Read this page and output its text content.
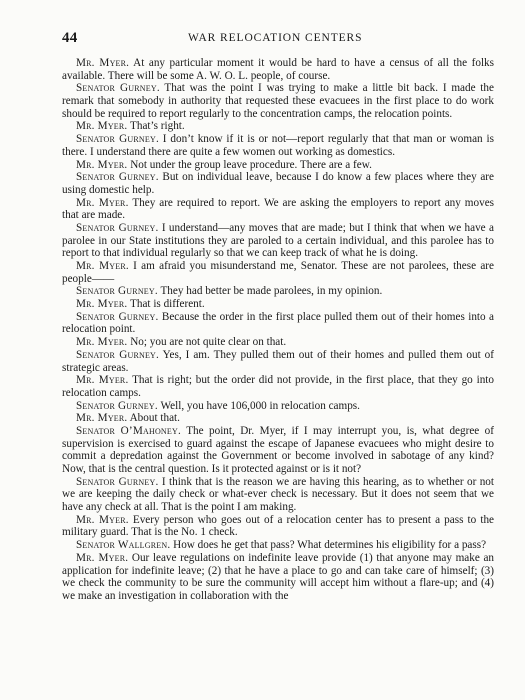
44	WAR RELOCATION CENTERS

Mr. Myer. At any particular moment it would be hard to have a census of all the folks available. There will be some A. W. O. L. people, of course.

Senator Gurney. That was the point I was trying to make a little bit back. I made the remark that somebody in authority that requested these evacuees in the first place to do work should be required to report regularly to the concentration camps, the relocation points.

Mr. Myer. That’s right.

Senator Gurney. I don’t know if it is or not—report regularly that that man or woman is there. I understand there are quite a few women out working as domestics.

Mr. Myer. Not under the group leave procedure. There are a few.

Senator Gurney. But on individual leave, because I do know a few places where they are using domestic help.

Mr. Myer. They are required to report. We are asking the employers to report any moves that are made.

Senator Gurney. I understand—any moves that are made; but I think that when we have a parolee in our State institutions they are paroled to a certain individual, and this parolee has to report to that individual regularly so that we can keep track of what he is doing.

Mr. Myer. I am afraid you misunderstand me, Senator. These are not parolees, these are people——

Senator Gurney. They had better be made parolees, in my opinion.

Mr. Myer. That is different.

Senator Gurney. Because the order in the first place pulled them out of their homes into a relocation point.

Mr. Myer. No; you are not quite clear on that.

Senator Gurney. Yes, I am. They pulled them out of their homes and pulled them out of strategic areas.

Mr. Myer. That is right; but the order did not provide, in the first place, that they go into relocation camps.

Senator Gurney. Well, you have 106,000 in relocation camps.

Mr. Myer. About that.

Senator O’Mahoney. The point, Dr. Myer, if I may interrupt you, is, what degree of supervision is exercised to guard against the escape of Japanese evacuees who might desire to commit a depredation against the Government or become involved in sabotage of any kind? Now, that is the central question. Is it protected against or is it not?

Senator Gurney. I think that is the reason we are having this hearing, as to whether or not we are keeping the daily check or what-ever check is necessary. But it does not seem that we have any check at all. That is the point I am making.

Mr. Myer. Every person who goes out of a relocation center has to present a pass to the military guard. That is the No. 1 check.

Senator Wallgren. How does he get that pass? What determines his eligibility for a pass?

Mr. Myer. Our leave regulations on indefinite leave provide (1) that anyone may make an application for indefinite leave; (2) that he have a place to go and can take care of himself; (3) we check the community to be sure the community will accept him without a flare-up; and (4) we make an investigation in collaboration with the
